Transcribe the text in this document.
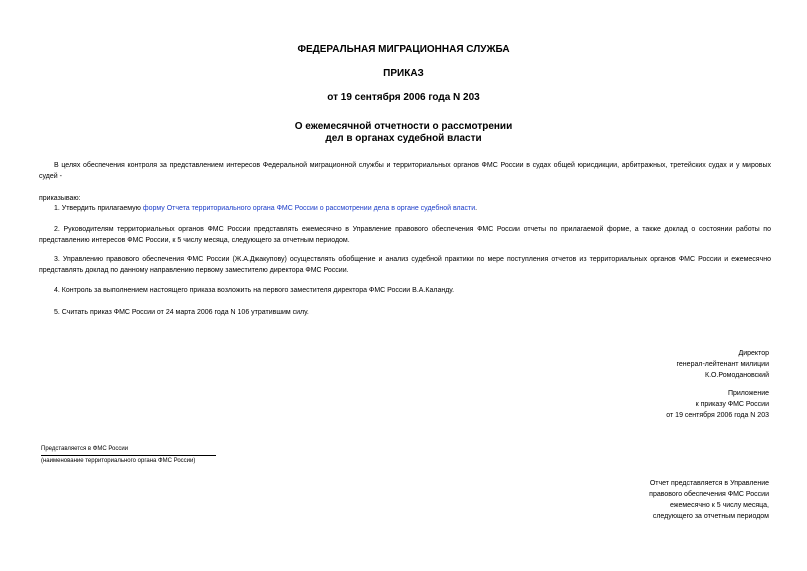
ФЕДЕРАЛЬНАЯ МИГРАЦИОННАЯ СЛУЖБА
ПРИКАЗ
от 19 сентября 2006 года N 203
О ежемесячной отчетности о рассмотрении
дел в органах судебной власти
В целях обеспечения контроля за представлением интересов Федеральной миграционной службы и территориальных органов ФМС России в судах общей юрисдикции, арбитражных, третейских судах и у мировых судей -
приказываю:
1. Утвердить прилагаемую форму Отчета территориального органа ФМС России о рассмотрении дела в органе судебной власти.
2. Руководителям территориальных органов ФМС России представлять ежемесячно в Управление правового обеспечения ФМС России отчеты по прилагаемой форме, а также доклад о состоянии работы по представлению интересов ФМС России, к 5 числу месяца, следующего за отчетным периодом.
3. Управлению правового обеспечения ФМС России (Ж.А.Джакупову) осуществлять обобщение и анализ судебной практики по мере поступления отчетов из территориальных органов ФМС России и ежемесячно представлять доклад по данному направлению первому заместителю директора ФМС России.
4. Контроль за выполнением настоящего приказа возложить на первого заместителя директора ФМС России В.А.Каланду.
5. Считать приказ ФМС России от 24 марта 2006 года N 106 утратившим силу.
Директор
генерал-лейтенант милиции
К.О.Ромодановский
Приложение
к приказу ФМС России
от 19 сентября 2006 года N 203
Представляется в ФМС России
(наименование территориального органа ФМС России)
Отчет представляется в Управление
правового обеспечения ФМС России
ежемесячно к 5 числу месяца,
следующего за отчетным периодом
